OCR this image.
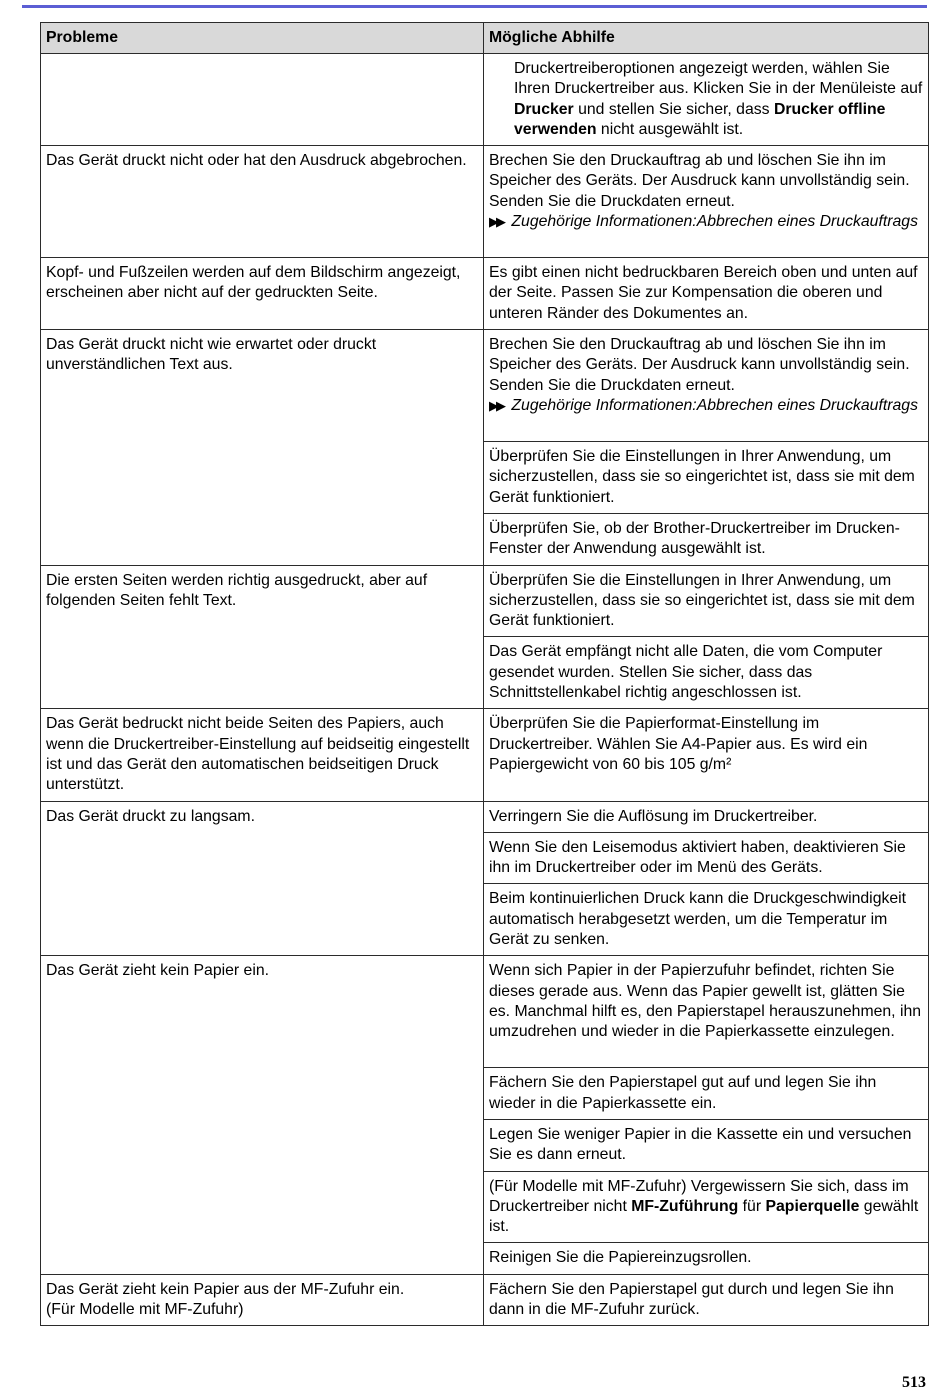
Probleme	Mögliche Abhilfe
	Druckertreiberoptionen angezeigt werden, wählen Sie Ihren Druckertreiber aus. Klicken Sie in der Menüleiste auf Drucker und stellen Sie sicher, dass Drucker offline verwenden nicht ausgewählt ist.
Das Gerät druckt nicht oder hat den Ausdruck abgebrochen.	Brechen Sie den Druckauftrag ab und löschen Sie ihn im Speicher des Geräts. Der Ausdruck kann unvollständig sein. Senden Sie die Druckdaten erneut.
▶▶ Zugehörige Informationen:Abbrechen eines Druckauftrags

Kopf- und Fußzeilen werden auf dem Bildschirm angezeigt, erscheinen aber nicht auf der gedruckten Seite.	Es gibt einen nicht bedruckbaren Bereich oben und unten auf der Seite. Passen Sie zur Kompensation die oberen und unteren Ränder des Dokumentes an.
Das Gerät druckt nicht wie erwartet oder druckt unverständlichen Text aus.	Brechen Sie den Druckauftrag ab und löschen Sie ihn im Speicher des Geräts. Der Ausdruck kann unvollständig sein. Senden Sie die Druckdaten erneut.
▶▶ Zugehörige Informationen:Abbrechen eines Druckauftrags

	Überprüfen Sie die Einstellungen in Ihrer Anwendung, um sicherzustellen, dass sie so eingerichtet ist, dass sie mit dem Gerät funktioniert.
	Überprüfen Sie, ob der Brother-Druckertreiber im Drucken-Fenster der Anwendung ausgewählt ist.
Die ersten Seiten werden richtig ausgedruckt, aber auf folgenden Seiten fehlt Text.	Überprüfen Sie die Einstellungen in Ihrer Anwendung, um sicherzustellen, dass sie so eingerichtet ist, dass sie mit dem Gerät funktioniert.
	Das Gerät empfängt nicht alle Daten, die vom Computer gesendet wurden. Stellen Sie sicher, dass das Schnittstellenkabel richtig angeschlossen ist.
Das Gerät bedruckt nicht beide Seiten des Papiers, auch wenn die Druckertreiber-Einstellung auf beidseitig eingestellt ist und das Gerät den automatischen beidseitigen Druck unterstützt.	Überprüfen Sie die Papierformat-Einstellung im Druckertreiber. Wählen Sie A4-Papier aus. Es wird ein Papiergewicht von 60 bis 105 g/m²
Das Gerät druckt zu langsam.	Verringern Sie die Auflösung im Druckertreiber.
	Wenn Sie den Leisemodus aktiviert haben, deaktivieren Sie ihn im Druckertreiber oder im Menü des Geräts.
	Beim kontinuierlichen Druck kann die Druckgeschwindigkeit automatisch herabgesetzt werden, um die Temperatur im Gerät zu senken.
Das Gerät zieht kein Papier ein.	Wenn sich Papier in der Papierzufuhr befindet, richten Sie dieses gerade aus. Wenn das Papier gewellt ist, glätten Sie es. Manchmal hilft es, den Papierstapel herauszunehmen, ihn umzudrehen und wieder in die Papierkassette einzulegen.
	Fächern Sie den Papierstapel gut auf und legen Sie ihn wieder in die Papierkassette ein.
	Legen Sie weniger Papier in die Kassette ein und versuchen Sie es dann erneut.
	(Für Modelle mit MF-Zufuhr) Vergewissern Sie sich, dass im Druckertreiber nicht MF-Zuführung für Papierquelle gewählt ist.
	Reinigen Sie die Papiereinzugsrollen.

Das Gerät zieht kein Papier aus der MF-Zufuhr ein.
(Für Modelle mit MF-Zufuhr)	Fächern Sie den Papierstapel gut durch und legen Sie ihn dann in die MF-Zufuhr zurück.
513
